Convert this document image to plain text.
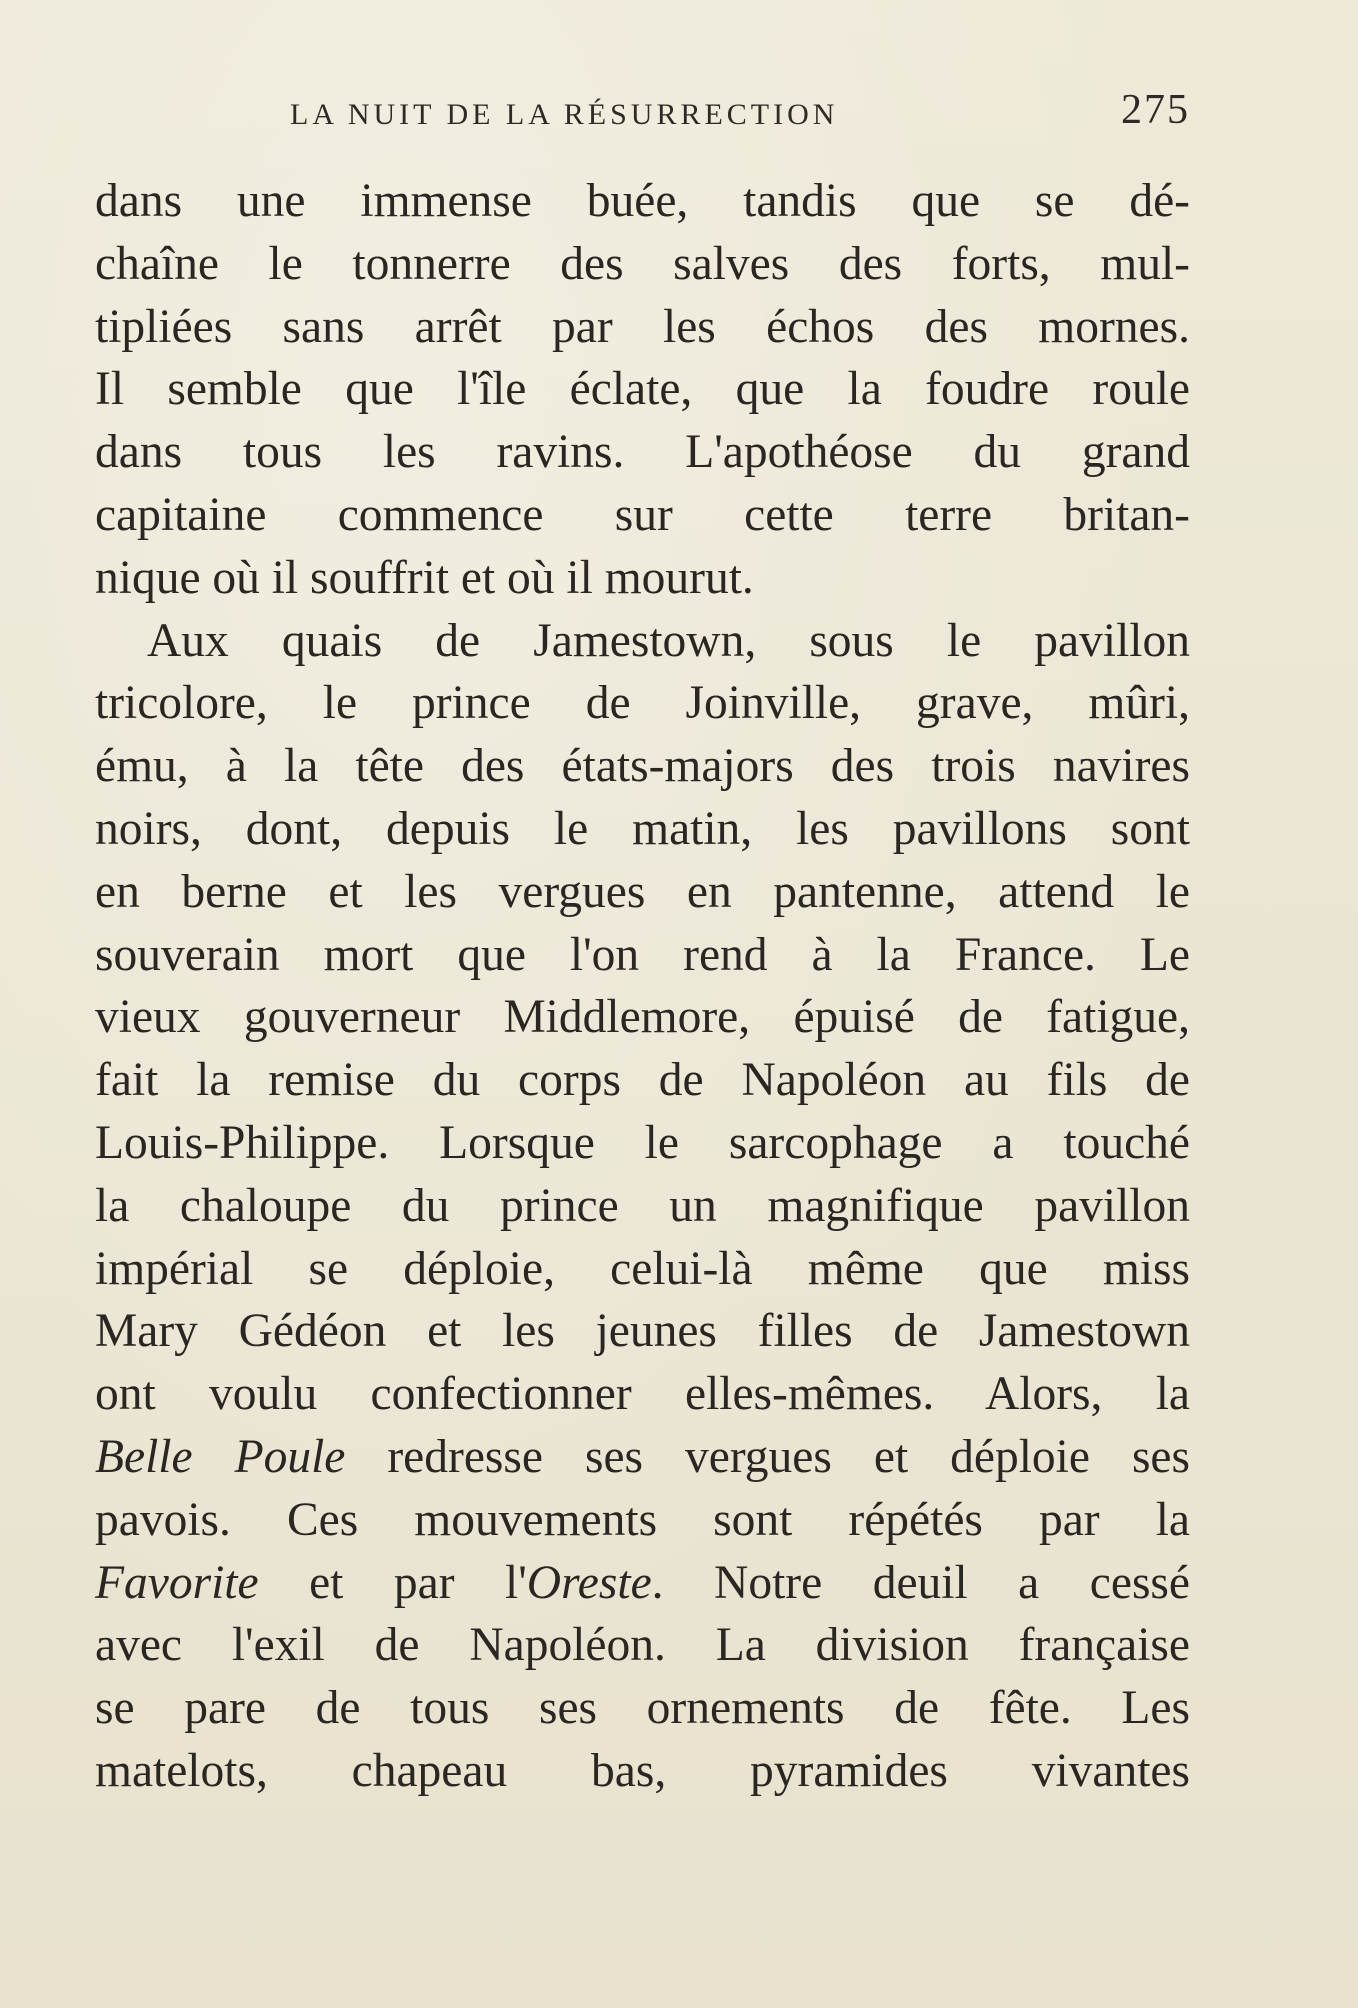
LA NUIT DE LA RÉSURRECTION	275
dans une immense buée, tandis que se dé-
chaîne le tonnerre des salves des forts, mul-
tipliées sans arrêt par les échos des mornes.
Il semble que l'île éclate, que la foudre roule
dans tous les ravins. L'apothéose du grand
capitaine commence sur cette terre britan-
nique où il souffrit et où il mourut.
Aux quais de Jamestown, sous le pavillon
tricolore, le prince de Joinville, grave, mûri,
ému, à la tête des états-majors des trois navires
noirs, dont, depuis le matin, les pavillons sont
en berne et les vergues en pantenne, attend le
souverain mort que l'on rend à la France. Le
vieux gouverneur Middlemore, épuisé de fatigue,
fait la remise du corps de Napoléon au fils de
Louis-Philippe. Lorsque le sarcophage a touché
la chaloupe du prince un magnifique pavillon
impérial se déploie, celui-là même que miss
Mary Gédéon et les jeunes filles de Jamestown
ont voulu confectionner elles-mêmes. Alors, la
Belle Poule redresse ses vergues et déploie ses
pavois. Ces mouvements sont répétés par la
Favorite et par l'Oreste. Notre deuil a cessé
avec l'exil de Napoléon. La division française
se pare de tous ses ornements de fête. Les
matelots, chapeau bas, pyramides vivantes
